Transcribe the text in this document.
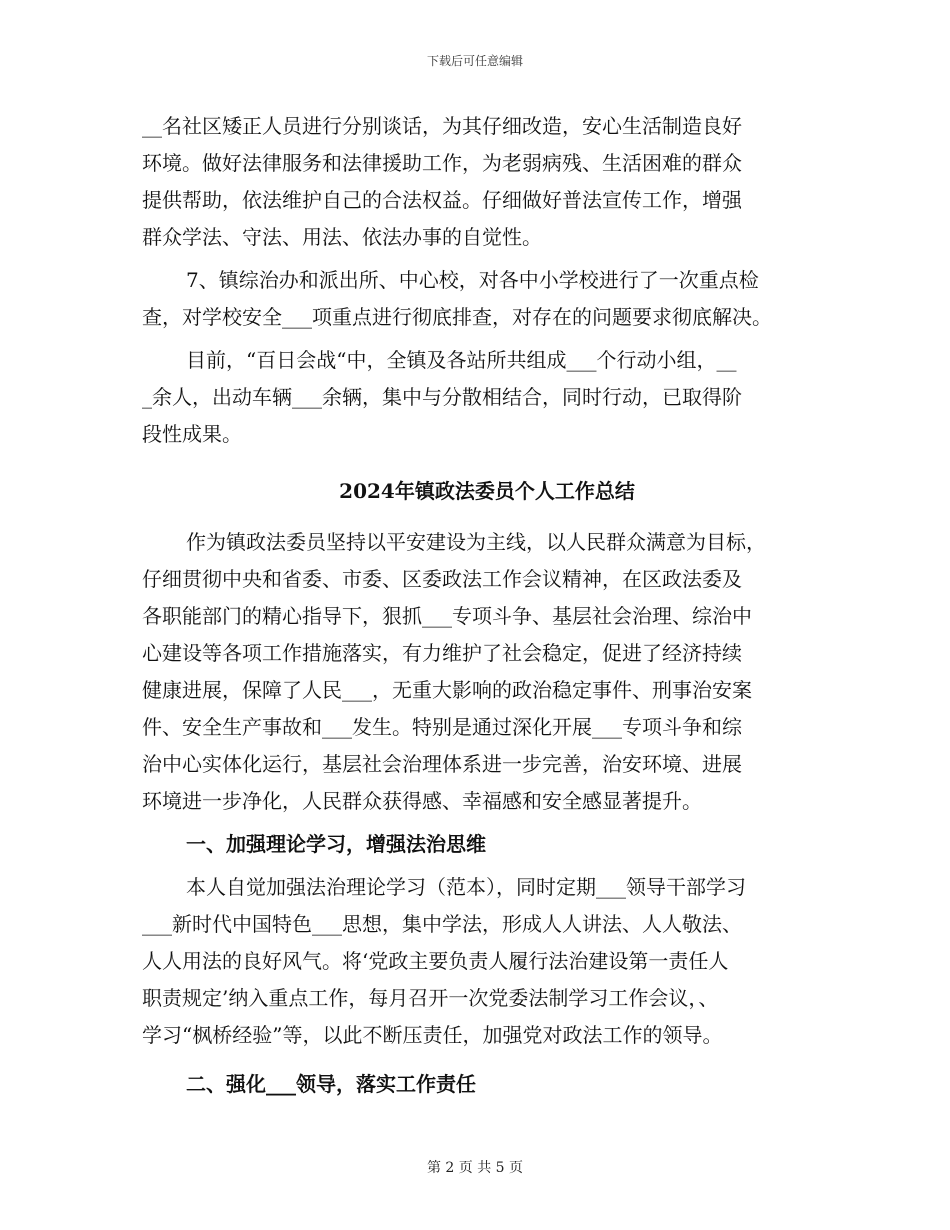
下载后可任意编辑
__名社区矮正人员进行分别谈话，为其仔细改造，安心生活制造良好
环境。做好法律服务和法律援助工作，为老弱病残、生活困难的群众
提供帮助，依法维护自己的合法权益。仔细做好普法宣传工作，增强
群众学法、守法、用法、依法办事的自觉性。
7、镇综治办和派出所、中心校，对各中小学校进行了一次重点检
查，对学校安全___项重点进行彻底排查，对存在的问题要求彻底解决。
目前，“百日会战“中，全镇及各站所共组成___个行动小组，__
_余人，出动车辆___余辆，集中与分散相结合，同时行动，已取得阶
段性成果。
2024年镇政法委员个人工作总结
作为镇政法委员坚持以平安建设为主线，以人民群众满意为目标，
仔细贯彻中央和省委、市委、区委政法工作会议精神，在区政法委及
各职能部门的精心指导下，狠抓___专项斗争、基层社会治理、综治中
心建设等各项工作措施落实，有力维护了社会稳定，促进了经济持续
健康进展，保障了人民___，无重大影响的政治稳定事件、刑事治安案
件、安全生产事故和___发生。特别是通过深化开展___专项斗争和综
治中心实体化运行，基层社会治理体系进一步完善，治安环境、进展
环境进一步净化，人民群众获得感、幸福感和安全感显著提升。
一、加强理论学习，增强法治思维
本人自觉加强法治理论学习（范本），同时定期___领导干部学习
___新时代中国特色___思想，集中学法，形成人人讲法、人人敬法、
人人用法的良好风气。将‘党政主要负责人履行法治建设第一责任人
职责规定’纳入重点工作，每月召开一次党委法制学习工作会议，、
学习“枫桥经验”等，以此不断压责任，加强党对政法工作的领导。
二、强化___领导，落实工作责任
第 2 页 共 5 页
